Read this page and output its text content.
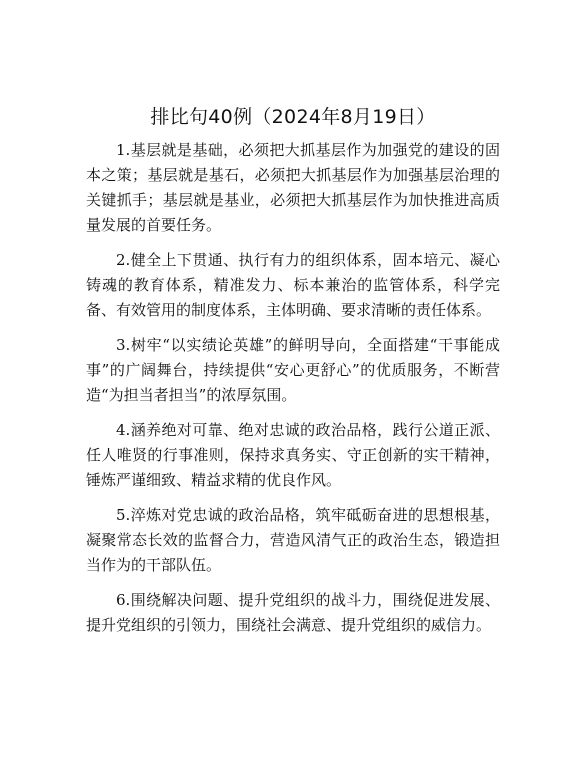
排比句40例（2024年8月19日）

1.基层就是基础，必须把大抓基层作为加强党的建设的固本之策；基层就是基石，必须把大抓基层作为加强基层治理的关键抓手；基层就是基业，必须把大抓基层作为加快推进高质量发展的首要任务。

2.健全上下贯通、执行有力的组织体系，固本培元、凝心铸魂的教育体系，精准发力、标本兼治的监管体系，科学完备、有效管用的制度体系，主体明确、要求清晰的责任体系。

3.树牢“以实绩论英雄”的鲜明导向，全面搭建“干事能成事”的广阔舞台，持续提供“安心更舒心”的优质服务，不断营造“为担当者担当”的浓厚氛围。

4.涵养绝对可靠、绝对忠诚的政治品格，践行公道正派、任人唯贤的行事准则，保持求真务实、守正创新的实干精神，锤炼严谨细致、精益求精的优良作风。

5.淬炼对党忠诚的政治品格，筑牢砥砺奋进的思想根基，凝聚常态长效的监督合力，营造风清气正的政治生态，锻造担当作为的干部队伍。

6.围绕解决问题、提升党组织的战斗力，围绕促进发展、提升党组织的引领力，围绕社会满意、提升党组织的威信力。
